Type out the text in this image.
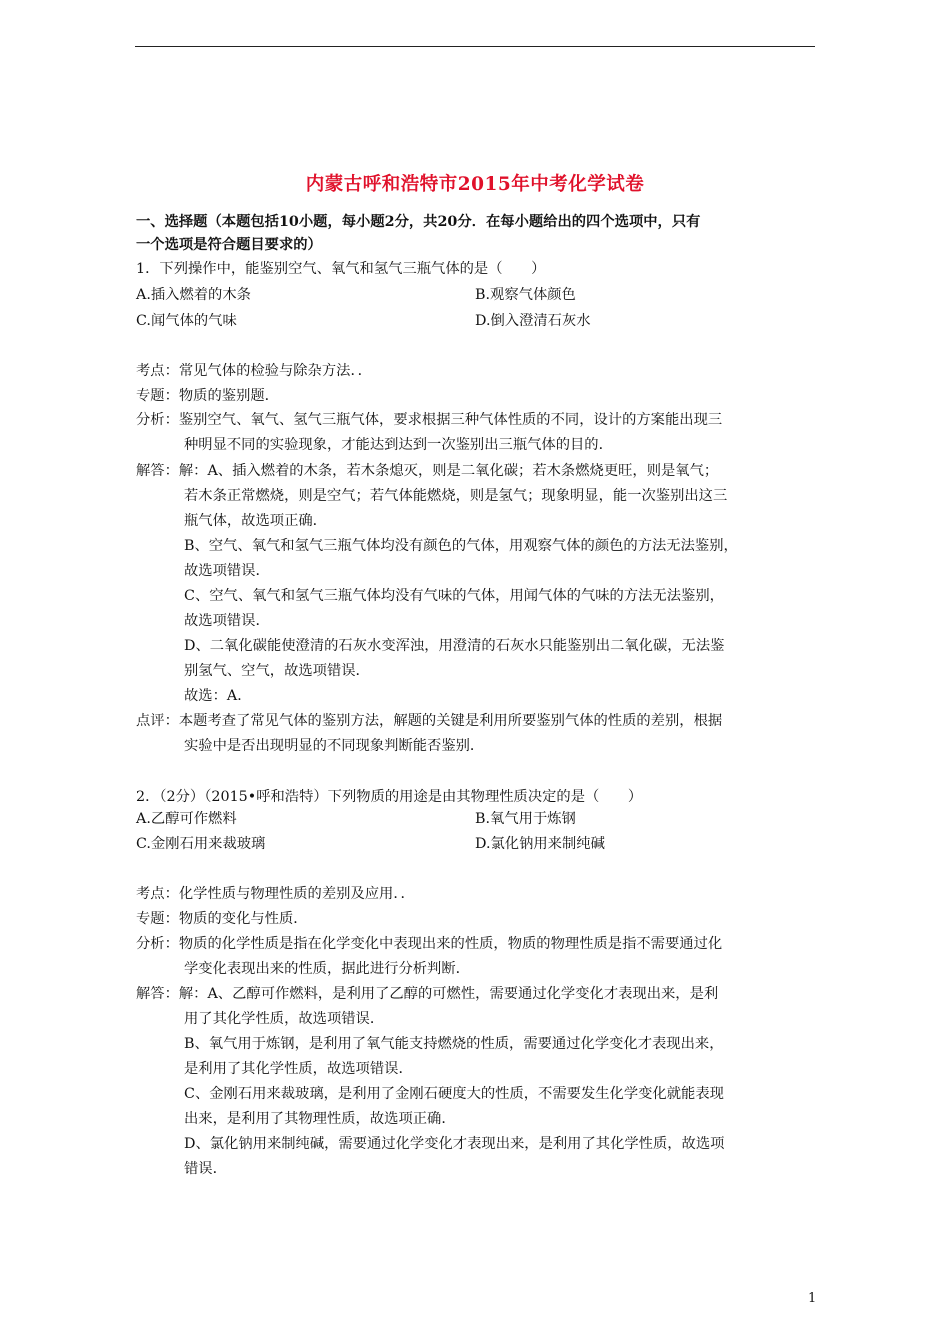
内蒙古呼和浩特市2015年中考化学试卷
一、选择题（本题包括10小题，每小题2分，共20分．在每小题给出的四个选项中，只有
一个选项是符合题目要求的）
1．下列操作中，能鉴别空气、氧气和氢气三瓶气体的是（　　）
A.插入燃着的木条	B.观察气体颜色
C.闻气体的气味	D.倒入澄清石灰水
考点：常见气体的检验与除杂方法．．
专题：物质的鉴别题．
分析：鉴别空气、氧气、氢气三瓶气体，要求根据三种气体性质的不同，设计的方案能出现三
种明显不同的实验现象，才能达到达到一次鉴别出三瓶气体的目的．
解答：解：A、插入燃着的木条，若木条熄灭，则是二氧化碳；若木条燃烧更旺，则是氧气；
若木条正常燃烧，则是空气；若气体能燃烧，则是氢气；现象明显，能一次鉴别出这三
瓶气体，故选项正确．
B、空气、氧气和氢气三瓶气体均没有颜色的气体，用观察气体的颜色的方法无法鉴别，
故选项错误．
C、空气、氧气和氢气三瓶气体均没有气味的气体，用闻气体的气味的方法无法鉴别，
故选项错误．
D、二氧化碳能使澄清的石灰水变浑浊，用澄清的石灰水只能鉴别出二氧化碳，无法鉴
别氢气、空气，故选项错误．
故选：A．
点评：本题考查了常见气体的鉴别方法，解题的关键是利用所要鉴别气体的性质的差别，根据
实验中是否出现明显的不同现象判断能否鉴别．
2．（2分）（2015•呼和浩特）下列物质的用途是由其物理性质决定的是（　　）
A.乙醇可作燃料	B.氧气用于炼钢
C.金刚石用来裁玻璃	D.氯化钠用来制纯碱
考点：化学性质与物理性质的差别及应用．．
专题：物质的变化与性质．
分析：物质的化学性质是指在化学变化中表现出来的性质，物质的物理性质是指不需要通过化
学变化表现出来的性质，据此进行分析判断．
解答：解：A、乙醇可作燃料，是利用了乙醇的可燃性，需要通过化学变化才表现出来，是利
用了其化学性质，故选项错误．
B、氧气用于炼钢，是利用了氧气能支持燃烧的性质，需要通过化学变化才表现出来，
是利用了其化学性质，故选项错误．
C、金刚石用来裁玻璃，是利用了金刚石硬度大的性质，不需要发生化学变化就能表现
出来，是利用了其物理性质，故选项正确．
D、氯化钠用来制纯碱，需要通过化学变化才表现出来，是利用了其化学性质，故选项
错误．
1
